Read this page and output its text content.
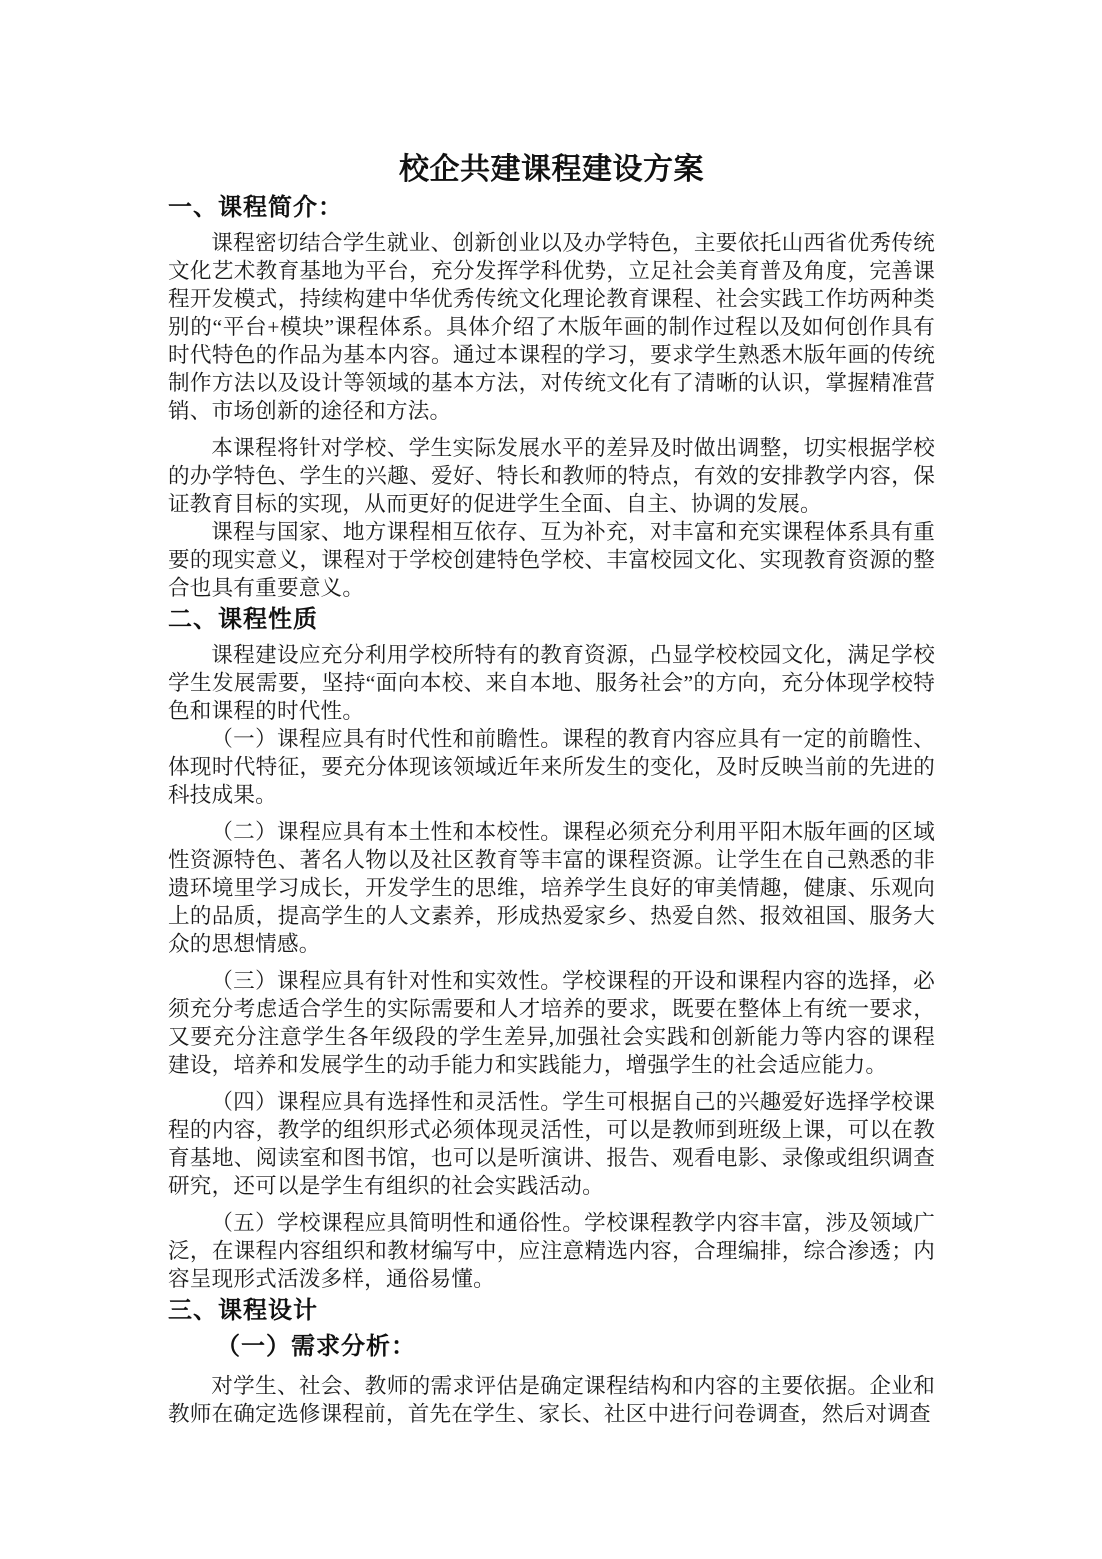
校企共建课程建设方案
一、课程简介：

课程密切结合学生就业、创新创业以及办学特色，主要依托山西省优秀传统文化艺术教育基地为平台，充分发挥学科优势，立足社会美育普及角度，完善课程开发模式，持续构建中华优秀传统文化理论教育课程、社会实践工作坊两种类别的“平台+模块”课程体系。具体介绍了木版年画的制作过程以及如何创作具有时代特色的作品为基本内容。通过本课程的学习，要求学生熟悉木版年画的传统制作方法以及设计等领域的基本方法，对传统文化有了清晰的认识，掌握精准营销、市场创新的途径和方法。

本课程将针对学校、学生实际发展水平的差异及时做出调整，切实根据学校的办学特色、学生的兴趣、爱好、特长和教师的特点，有效的安排教学内容，保证教育目标的实现，从而更好的促进学生全面、自主、协调的发展。

课程与国家、地方课程相互依存、互为补充，对丰富和充实课程体系具有重要的现实意义，课程对于学校创建特色学校、丰富校园文化、实现教育资源的整合也具有重要意义。

二、课程性质

课程建设应充分利用学校所特有的教育资源，凸显学校校园文化，满足学校学生发展需要，坚持“面向本校、来自本地、服务社会”的方向，充分体现学校特色和课程的时代性。

（一）课程应具有时代性和前瞻性。课程的教育内容应具有一定的前瞻性、体现时代特征，要充分体现该领域近年来所发生的变化，及时反映当前的先进的科技成果。

（二）课程应具有本土性和本校性。课程必须充分利用平阳木版年画的区域性资源特色、著名人物以及社区教育等丰富的课程资源。让学生在自己熟悉的非遗环境里学习成长，开发学生的思维，培养学生良好的审美情趣，健康、乐观向上的品质，提高学生的人文素养，形成热爱家乡、热爱自然、报效祖国、服务大众的思想情感。

（三）课程应具有针对性和实效性。学校课程的开设和课程内容的选择，必须充分考虑适合学生的实际需要和人才培养的要求，既要在整体上有统一要求，又要充分注意学生各年级段的学生差异,加强社会实践和创新能力等内容的课程建设，培养和发展学生的动手能力和实践能力，增强学生的社会适应能力。

（四）课程应具有选择性和灵活性。学生可根据自己的兴趣爱好选择学校课程的内容，教学的组织形式必须体现灵活性，可以是教师到班级上课，可以在教育基地、阅读室和图书馆，也可以是听演讲、报告、观看电影、录像或组织调查研究，还可以是学生有组织的社会实践活动。

（五）学校课程应具简明性和通俗性。学校课程教学内容丰富，涉及领域广泛，在课程内容组织和教材编写中，应注意精选内容，合理编排，综合渗透；内容呈现形式活泼多样，通俗易懂。

三、课程设计
（一）需求分析：

对学生、社会、教师的需求评估是确定课程结构和内容的主要依据。企业和教师在确定选修课程前，首先在学生、家长、社区中进行问卷调查，然后对调查
